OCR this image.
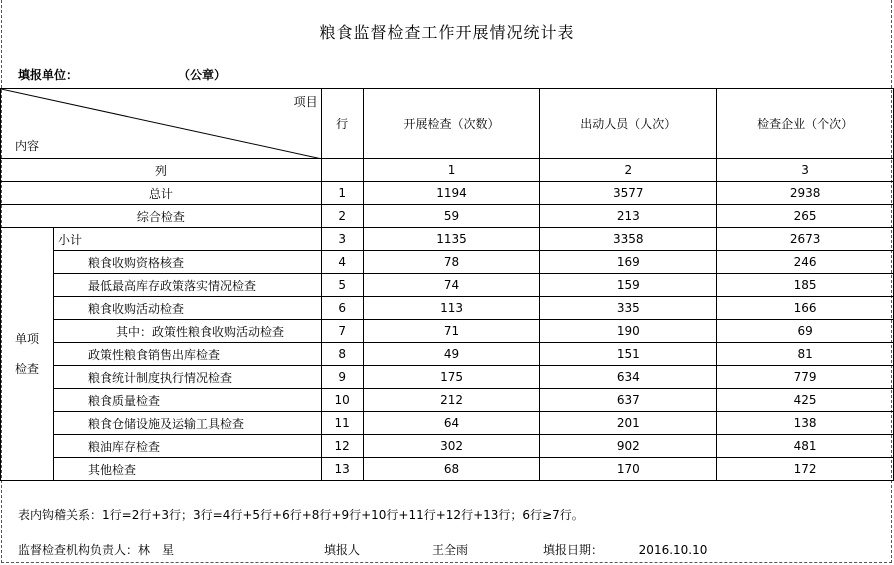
粮食监督检查工作开展情况统计表
填报单位：	（公章）
项目
内容		行	开展检查（次数）	出动人员（人次）	检查企业（个次）
列			1	2	3
总计		1	1194	3577	2938
综合检查		2	59	213	265

单项
检查	小计	3	1135	3358	2673
	粮食收购资格核查	4	78	169	246
	最低最高库存政策落实情况检查	5	74	159	185
	粮食收购活动检查	6	113	335	166
	其中：政策性粮食收购活动检查	7	71	190	69
	政策性粮食销售出库检查	8	49	151	81
	粮食统计制度执行情况检查	9	175	634	779
	粮食质量检查	10	212	637	425
	粮食仓储设施及运输工具检查	11	64	201	138
	粮油库存检查	12	302	902	481
	其他检查	13	68	170	172
表内钩稽关系：1行=2行+3行；3行=4行+5行+6行+8行+9行+10行+11行+12行+13行；6行≥7行。
监督检查机构负责人：林　星	填报人	王全雨	填报日期：	2016.10.10
